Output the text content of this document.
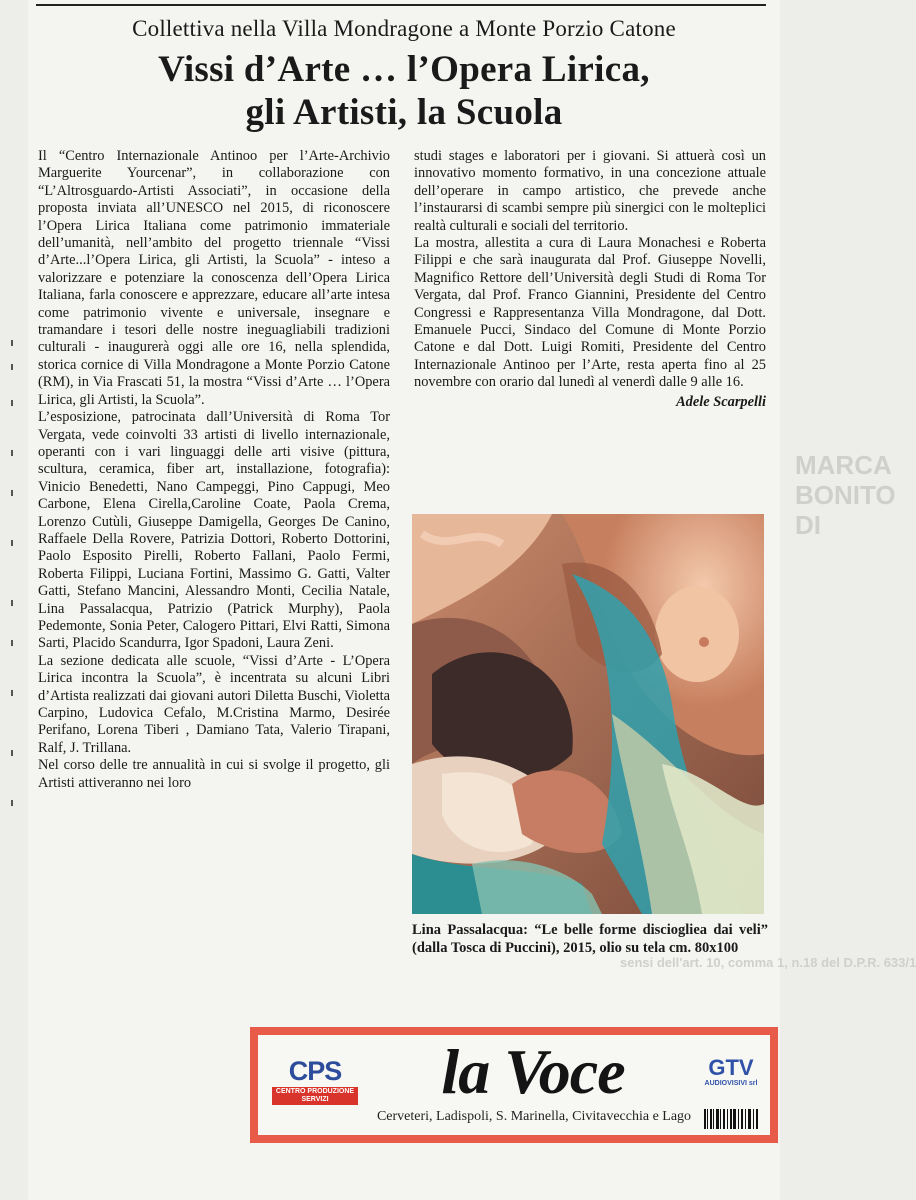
MARCA
BONITO
DI
Collettiva nella Villa Mondragone a Monte Porzio Catone
Vissi d’Arte … l’Opera Lirica,
gli Artisti, la Scuola

Il “Centro Internazionale Antinoo per l’Arte-Archivio Marguerite Yourcenar”, in collaborazione con “L’Altrosguardo-Artisti Associati”, in occasione della proposta inviata all’UNESCO nel 2015, di riconoscere l’Opera Lirica Italiana come patrimonio immateriale dell’umanità, nell’ambito del progetto triennale “Vissi d’Arte...l’Opera Lirica, gli Artisti, la Scuola” - inteso a valorizzare e potenziare la conoscenza dell’Opera Lirica Italiana, farla conoscere e apprezzare, educare all’arte intesa come patrimonio vivente e universale, insegnare e tramandare i tesori delle nostre ineguagliabili tradizioni culturali - inaugurerà oggi alle ore 16, nella splendida, storica cornice di Villa Mondragone a Monte Porzio Catone (RM), in Via Frascati 51, la mostra “Vissi d’Arte … l’Opera Lirica, gli Artisti, la Scuola”.

L’esposizione, patrocinata dall’Università di Roma Tor Vergata, vede coinvolti 33 artisti di livello internazionale, operanti con i vari linguaggi delle arti visive (pittura, scultura, ceramica, fiber art, installazione, fotografia): Vinicio Benedetti, Nano Campeggi, Pino Cappugi, Meo Carbone, Elena Cirella,Caroline Coate, Paola Crema, Lorenzo Cutùli, Giuseppe Damigella, Georges De Canino, Raffaele Della Rovere, Patrizia Dottori, Roberto Dottorini, Paolo Esposito Pirelli, Roberto Fallani, Paolo Fermi, Roberta Filippi, Luciana Fortini, Massimo G. Gatti, Valter Gatti, Stefano Mancini, Alessandro Monti, Cecilia Natale, Lina Passalacqua, Patrizio (Patrick Murphy), Paola Pedemonte, Sonia Peter, Calogero Pittari, Elvi Ratti, Simona Sarti, Placido Scandurra, Igor Spadoni, Laura Zeni.

La sezione dedicata alle scuole, “Vissi d’Arte - L’Opera Lirica incontra la Scuola”, è incentrata su alcuni Libri d’Artista realizzati dai giovani autori Diletta Buschi, Violetta Carpino, Ludovica Cefalo, M.Cristina Marmo, Desirée Perifano, Lorena Tiberi , Damiano Tata, Valerio Tirapani, Ralf, J. Trillana.

Nel corso delle tre annualità in cui si svolge il progetto, gli Artisti attiveranno nei loro

studi stages e laboratori per i giovani. Si attuerà così un innovativo momento formativo, in una concezione attuale dell’operare in campo artistico, che prevede anche l’instaurarsi di scambi sempre più sinergici con le molteplici realtà culturali e sociali del territorio.

La mostra, allestita a cura di Laura Monachesi e Roberta Filippi e che sarà inaugurata dal Prof. Giuseppe Novelli, Magnifico Rettore dell’Università degli Studi di Roma Tor Vergata, dal Prof. Franco Giannini, Presidente del Centro Congressi e Rappresentanza Villa Mondragone, dal Dott. Emanuele Pucci, Sindaco del Comune di Monte Porzio Catone e dal Dott. Luigi Romiti, Presidente del Centro Internazionale Antinoo per l’Arte, resta aperta fino al 25 novembre con orario dal lunedì al venerdì dalle 9 alle 16.

Adele Scarpelli

Lina Passalacqua: “Le belle forme disciogliea dai veli” (dalla Tosca di Puccini), 2015, olio su tela cm. 80x100
sensi dell'art. 10, comma 1, n.18 del D.P.R. 633/1
CPS
CENTRO PRODUZIONE SERVIZI	la Voce
Cerveteri, Ladispoli, S. Marinella, Civitavecchia e Lago
GTV
AUDIOVISIVI srl
